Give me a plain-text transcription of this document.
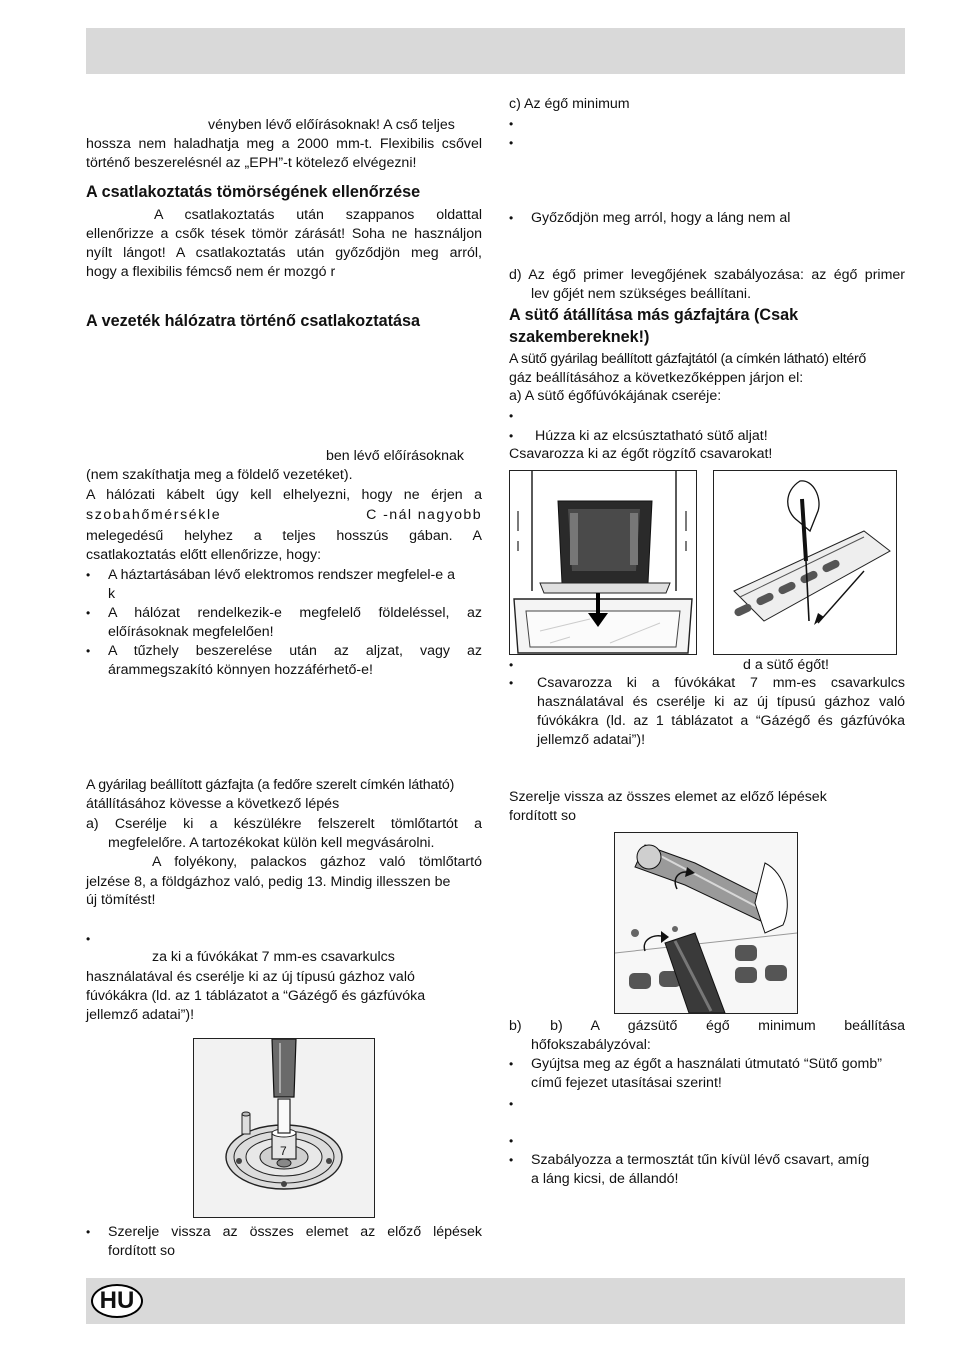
vényben lévő előírásoknak! A cső teljes
hossza nem haladhatja meg a 2000 mm-t. Flexibilis csővel
történő beszerelésnél az „EPH”-t kötelező elvégezni!
A csatlakoztatás tömörségének ellenőrzése
A csatlakoztatás után szappanos oldattal
ellenőrizze a csők tések tömör zárását! Soha ne használjon
nyílt lángot! A csatlakoztatás után győződjön meg arról,
hogy a flexibilis fémcső nem ér mozgó r
A vezeték hálózatra történő csatlakoztatása
ben lévő előírásoknak
(nem szakíthatja meg a földelő vezetéket).
A hálózati kábelt úgy kell elhelyezni, hogy ne érjen a
szobahőmérsékle	C -nál nagyobb
melegedésű helyhez a teljes hosszús gában. A
csatlakoztatás előtt ellenőrizze, hogy:
• A háztartásában lévő elektromos rendszer megfelel-e a
k
• A hálózat rendelkezik-e megfelelő földeléssel, az
előírásoknak megfelelően!
• A tűzhely beszerelése után az aljzat, vagy az
árammegszakító könnyen hozzáférhető-e!
A gyárilag beállított gázfajta (a fedőre szerelt címkén látható)
átállításához kövesse a következő lépés
a) Cserélje ki a készülékre felszerelt tömlőtartót a
megfelelőre. A tartozékokat külön kell megvásárolni.
A folyékony, palackos gázhoz való tömlőtartó
jelzése 8, a földgázhoz való, pedig 13. Mindig illesszen be
új tömítést!
•
za ki a fúvókákat 7 mm-es csavarkulcs
használatával és cserélje ki az új típusú gázhoz való
fúvókákra (ld. az 1 táblázatot a “Gázégő és gázfúvóka
jellemző adatai”)!
7
• Szerelje vissza az összes elemet az előző lépések
fordított so
c) Az égő minimum
•
•
• Győződjön meg arról, hogy a láng nem al
d) Az égő primer levegőjének szabályozása: az égő primer
lev gőjét nem szükséges beállítani.
A sütő átállítása más gázfajtára (Csak
szakembereknek!)
A sütő gyárilag beállított gázfajtától (a címkén látható) eltérő
gáz beállításához a következőképpen járjon el:
a) A sütő égőfúvókájának cseréje:
•
• Húzza ki az elcsúsztatható sütő aljat!
Csavarozza ki az égőt rögzítő csavarokat!
V
•	d a sütő égőt!
• Csavarozza ki a fúvókákat 7 mm-es csavarkulcs
használatával és cserélje ki az új típusú gázhoz való
fúvókákra (ld. az 1 táblázatot a “Gázégő és gázfúvóka
jellemző adatai”)!
Szerelje vissza az összes elemet az előző lépések
fordított so
b) b) A gázsütő égő minimum beállítása
hőfokszabályzóval:
• Gyújtsa meg az égőt a használati útmutató “Sütő gomb”
című fejezet utasításai szerint!
•
•
• Szabályozza a termosztát tűn kívül lévő csavart, amíg
a láng kicsi, de állandó!
HU
